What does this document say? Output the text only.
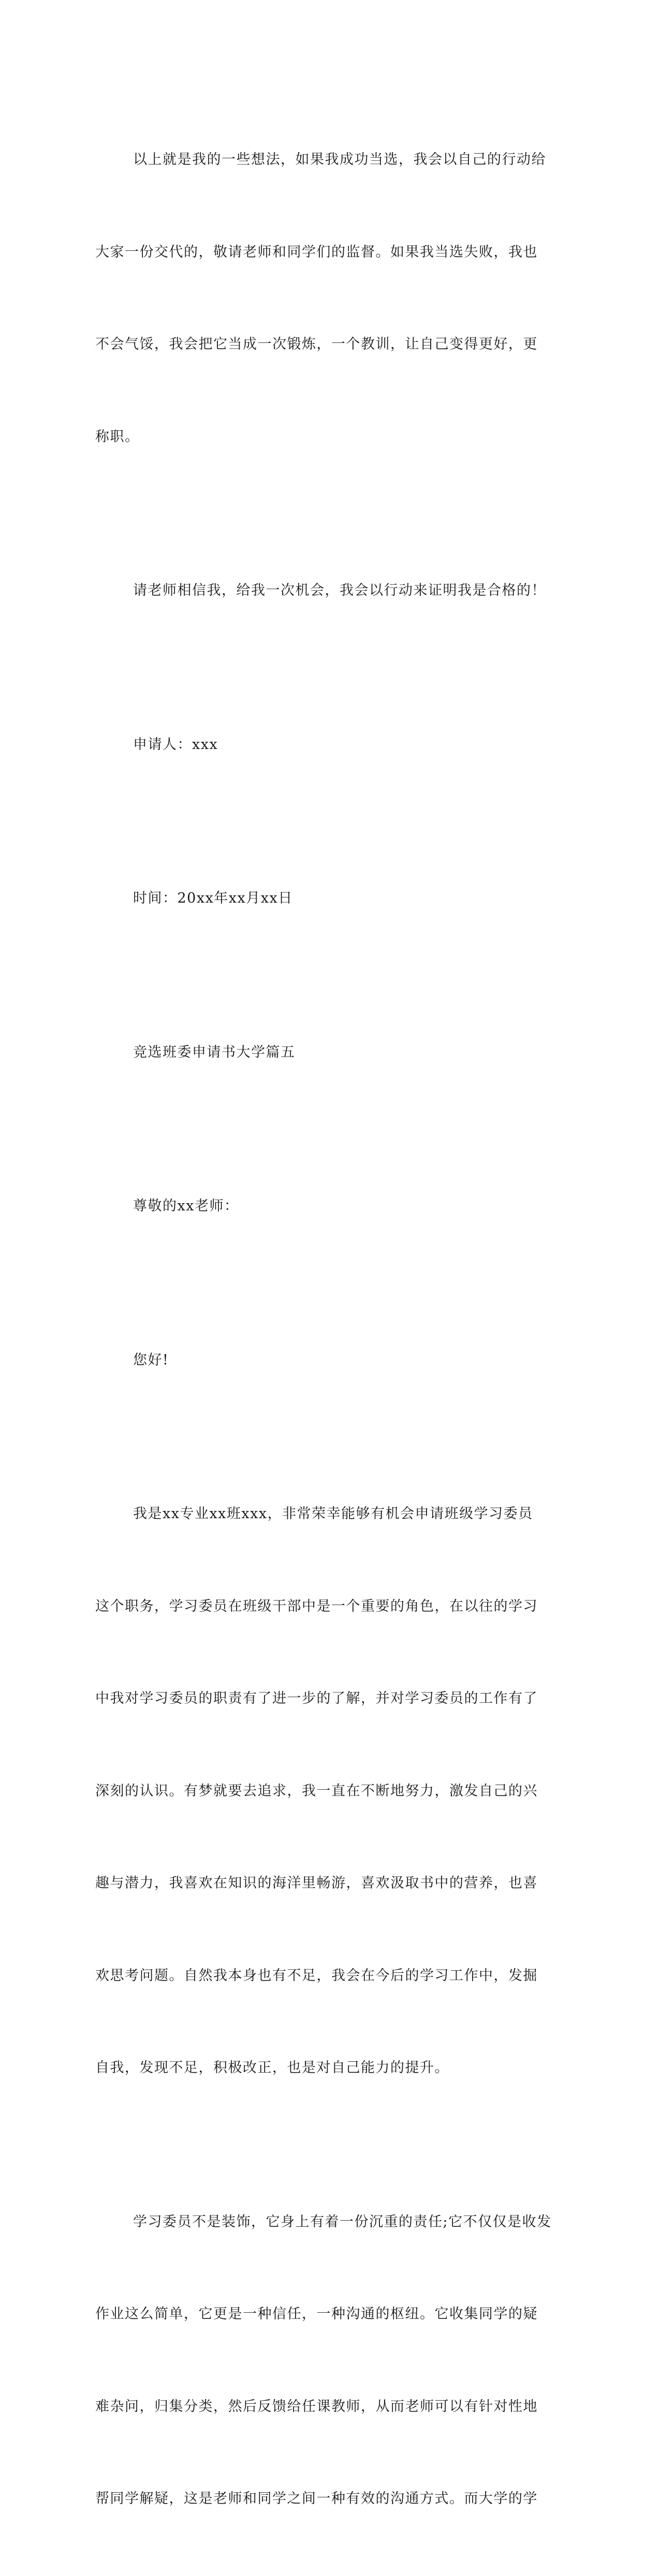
以上就是我的一些想法，如果我成功当选，我会以自己的行动给

大家一份交代的，敬请老师和同学们的监督。如果我当选失败，我也

不会气馁，我会把它当成一次锻炼，一个教训，让自己变得更好，更

称职。

请老师相信我，给我一次机会，我会以行动来证明我是合格的！

申请人：xxx

时间：20xx年xx月xx日

竞选班委申请书大学篇五

尊敬的xx老师：

您好!

我是xx专业xx班xxx，非常荣幸能够有机会申请班级学习委员

这个职务，学习委员在班级干部中是一个重要的角色，在以往的学习

中我对学习委员的职责有了进一步的了解，并对学习委员的工作有了

深刻的认识。有梦就要去追求，我一直在不断地努力，激发自己的兴

趣与潜力，我喜欢在知识的海洋里畅游，喜欢汲取书中的营养，也喜

欢思考问题。自然我本身也有不足，我会在今后的学习工作中，发掘

自我，发现不足，积极改正，也是对自己能力的提升。

学习委员不是装饰，它身上有着一份沉重的责任;它不仅仅是收发

作业这么简单，它更是一种信任，一种沟通的枢纽。它收集同学的疑

难杂问，归集分类，然后反馈给任课教师，从而老师可以有针对性地

帮同学解疑，这是老师和同学之间一种有效的沟通方式。而大学的学
